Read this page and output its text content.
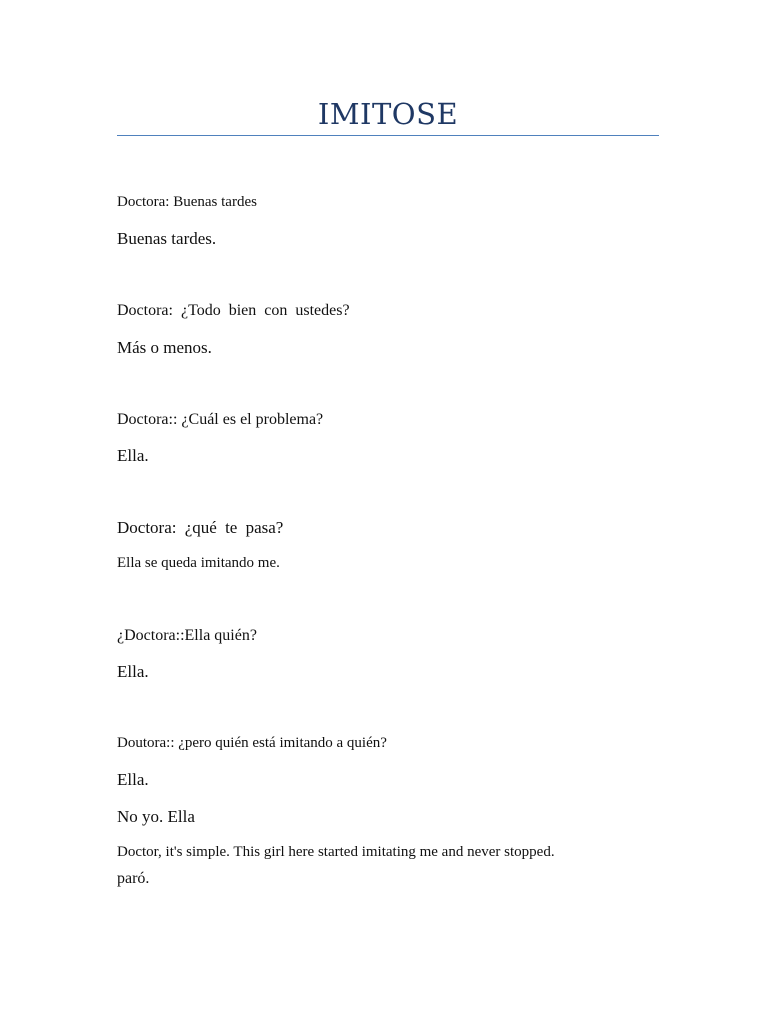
IMITOSE
Doctora: Buenas tardes
Buenas tardes.
Doctora: ¿Todo bien con ustedes?
Más o menos.
Doctora:: ¿Cuál es el problema?
Ella.
Doctora: ¿qué te pasa?
Ella se queda imitando me.
¿Doctora::Ella quién?
Ella.
Doutora:: ¿pero quién está imitando a quién?
Ella.
No yo. Ella
Doctor, it's simple. This girl here started imitating me and never stopped.
paró.
